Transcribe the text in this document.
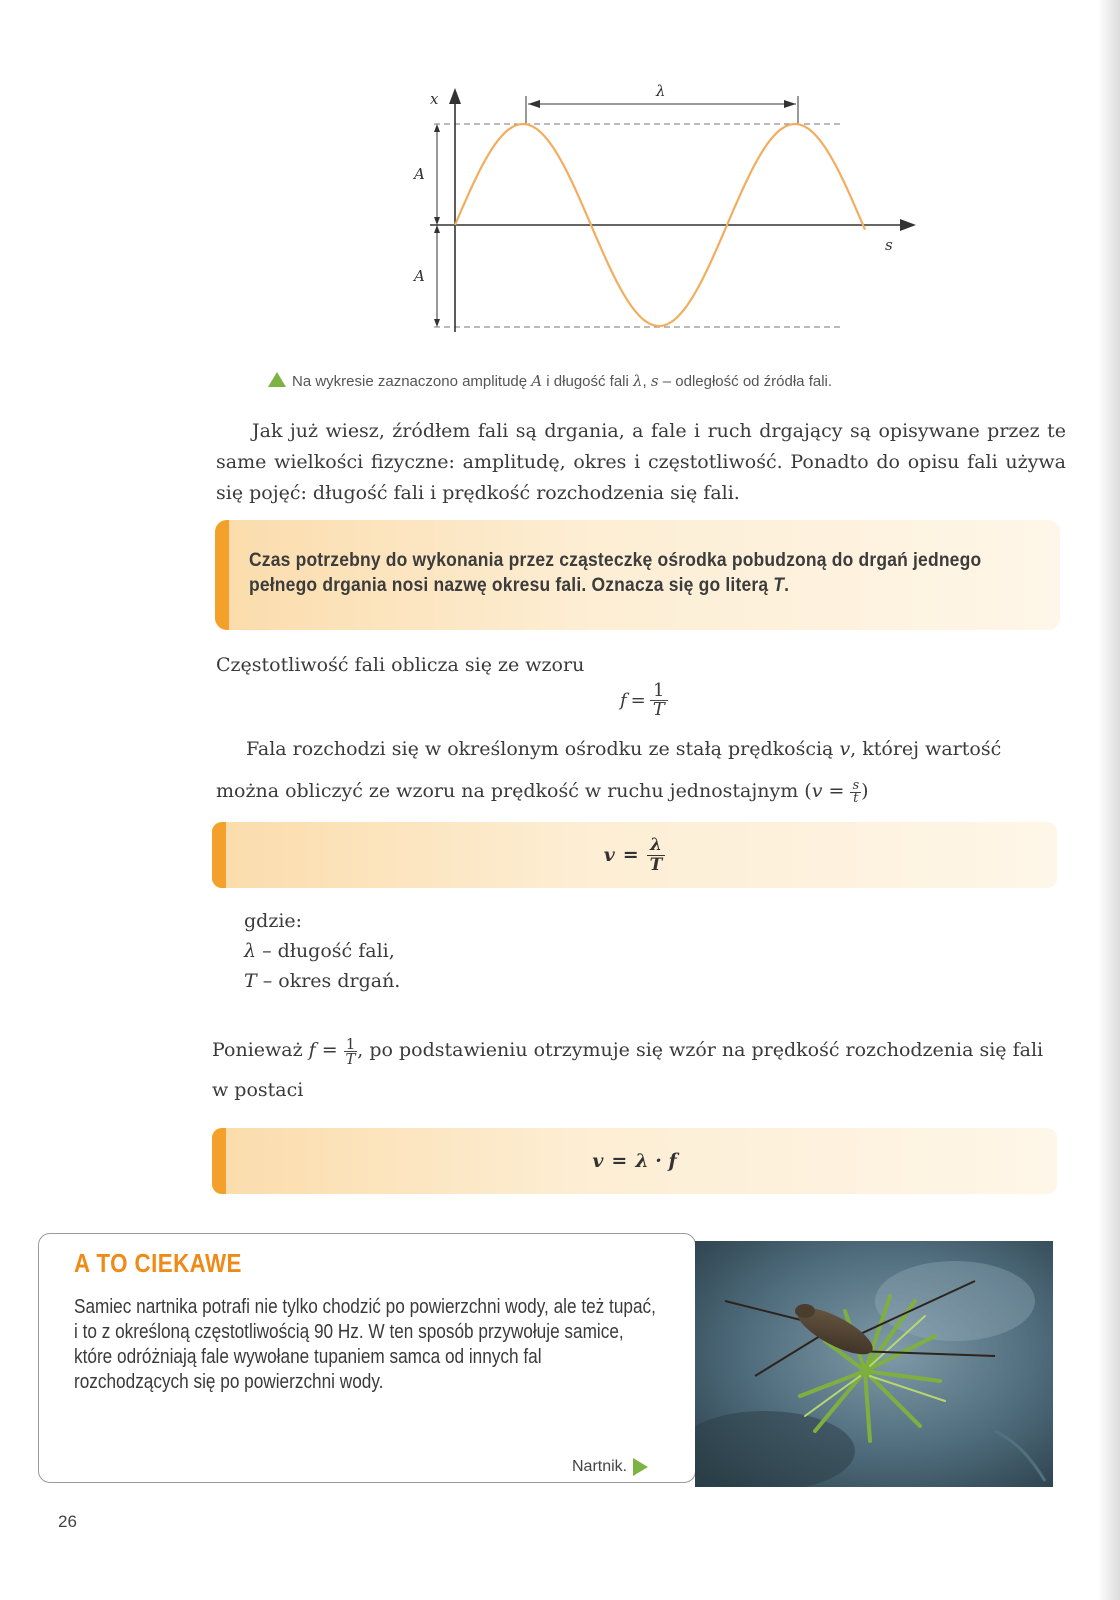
x
s
A
A
λ
Na wykresie zaznaczono amplitudę A i długość fali λ, s – odległość od źródła fali.
Jak już wiesz, źródłem fali są drgania, a fale i ruch drgający są opisywane przez te same wielkości fizyczne: amplitudę, okres i częstotliwość. Ponadto do opisu fali używa się pojęć: długość fali i prędkość rozchodzenia się fali.
Czas potrzebny do wykonania przez cząsteczkę ośrodka pobudzoną do drgań jednego pełnego drgania nosi nazwę okresu fali. Oznacza się go literą T.
Częstotliwość fali oblicza się ze wzoru
$f = \frac{1}{T}$
Fala rozchodzi się w określonym ośrodku ze stałą prędkością v, której wartość można obliczyć ze wzoru na prędkość w ruchu jednostajnym ($v = \frac{s}{t}$ )
$v = \frac{\lambda}{T}$
gdzie:
λ – długość fali,
T – okres drgań.
Ponieważ $f = \frac{1}{T}$ , po podstawieniu otrzymuje się wzór na prędkość rozchodzenia się fali w postaci
v = λ · f
A TO CIEKAWE
Samiec nartnika potrafi nie tylko chodzić po powierzchni wody, ale też tupać, i to z określoną częstotliwością 90 Hz. W ten sposób przywołuje samice, które odróżniają fale wywołane tupaniem samca od innych fal rozchodzących się po powierzchni wody.
Nartnik.
26
